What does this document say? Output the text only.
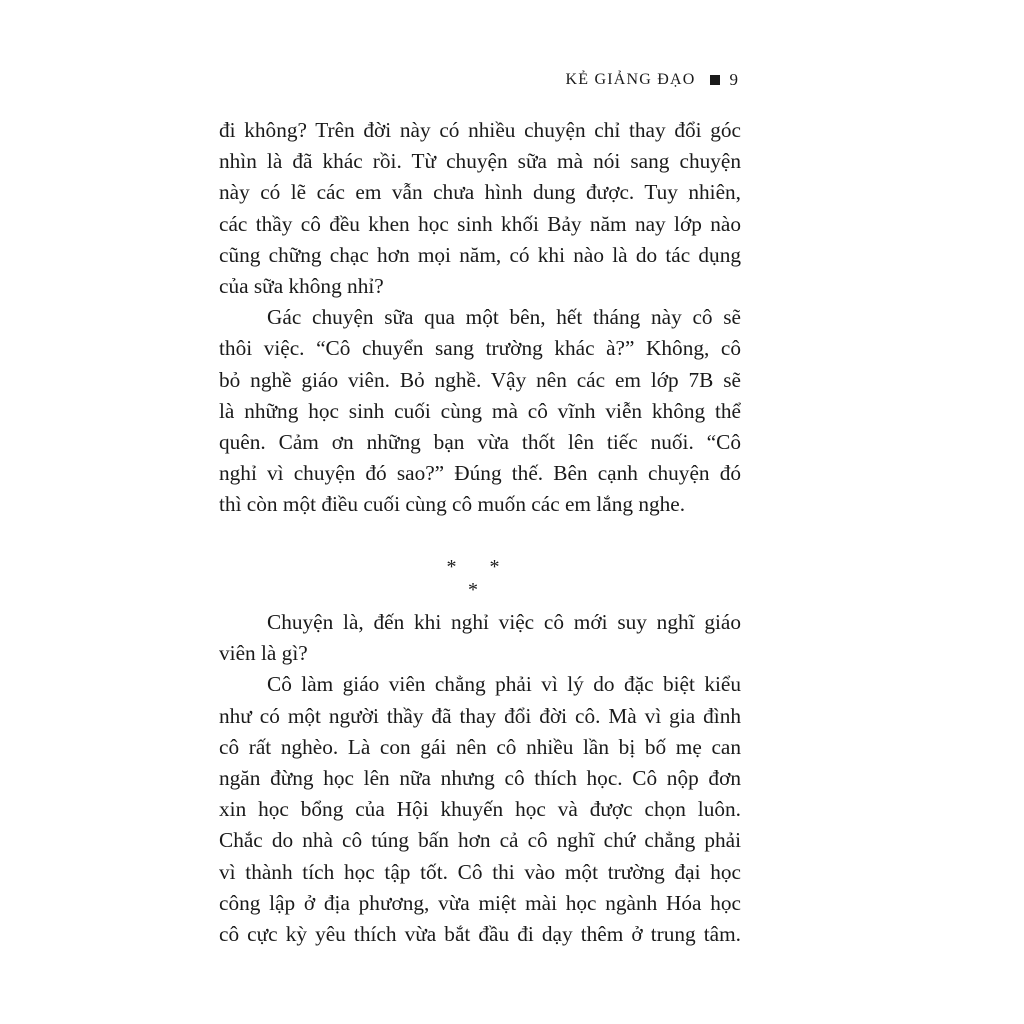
KẺ GIẢNG ĐẠO 9
đi không? Trên đời này có nhiều chuyện chỉ thay đổi góc
nhìn là đã khác rồi. Từ chuyện sữa mà nói sang chuyện
này có lẽ các em vẫn chưa hình dung được. Tuy nhiên,
các thầy cô đều khen học sinh khối Bảy năm nay lớp nào
cũng chững chạc hơn mọi năm, có khi nào là do tác dụng
của sữa không nhỉ?
Gác chuyện sữa qua một bên, hết tháng này cô sẽ
thôi việc. “Cô chuyển sang trường khác à?” Không, cô
bỏ nghề giáo viên. Bỏ nghề. Vậy nên các em lớp 7B sẽ
là những học sinh cuối cùng mà cô vĩnh viễn không thể
quên. Cảm ơn những bạn vừa thốt lên tiếc nuối. “Cô
nghỉ vì chuyện đó sao?” Đúng thế. Bên cạnh chuyện đó
thì còn một điều cuối cùng cô muốn các em lắng nghe.
* * *
Chuyện là, đến khi nghỉ việc cô mới suy nghĩ giáo
viên là gì?
Cô làm giáo viên chẳng phải vì lý do đặc biệt kiểu
như có một người thầy đã thay đổi đời cô. Mà vì gia đình
cô rất nghèo. Là con gái nên cô nhiều lần bị bố mẹ can
ngăn đừng học lên nữa nhưng cô thích học. Cô nộp đơn
xin học bổng của Hội khuyến học và được chọn luôn.
Chắc do nhà cô túng bấn hơn cả cô nghĩ chứ chẳng phải
vì thành tích học tập tốt. Cô thi vào một trường đại học
công lập ở địa phương, vừa miệt mài học ngành Hóa học
cô cực kỳ yêu thích vừa bắt đầu đi dạy thêm ở trung tâm.
